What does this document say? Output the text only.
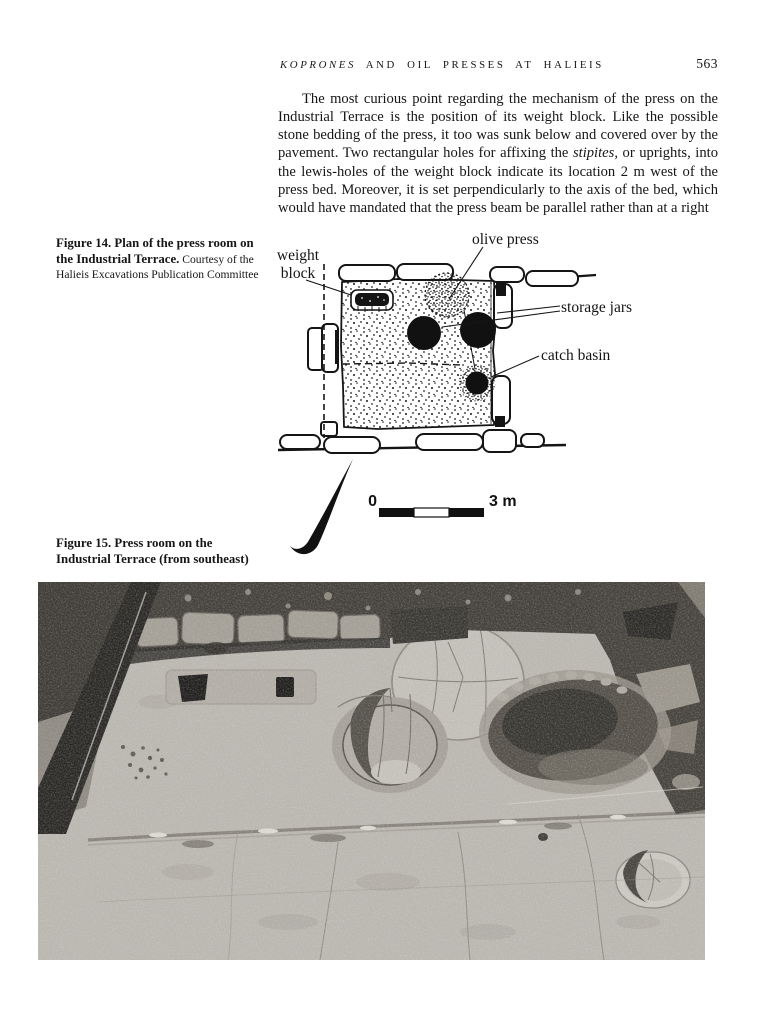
KOPRONES AND OIL PRESSES AT HALIEIS	563

The most curious point regarding the mechanism of the press on the Industrial Terrace is the position of its weight block. Like the possible stone bedding of the press, it too was sunk below and covered over by the pavement. Two rectangular holes for affixing the stipites, or uprights, into the lewis-holes of the weight block indicate its location 2 m west of the press bed. Moreover, it is set perpendicularly to the axis of the bed, which would have mandated that the press beam be parallel rather than at a right

Figure 14. Plan of the press room on the Industrial Terrace. Courtesy of the Halieis Excavations Publication Committee
weight
block
olive press
storage jars
catch basin
0	3 m
Figure 15. Press room on the Industrial Terrace (from southeast)
